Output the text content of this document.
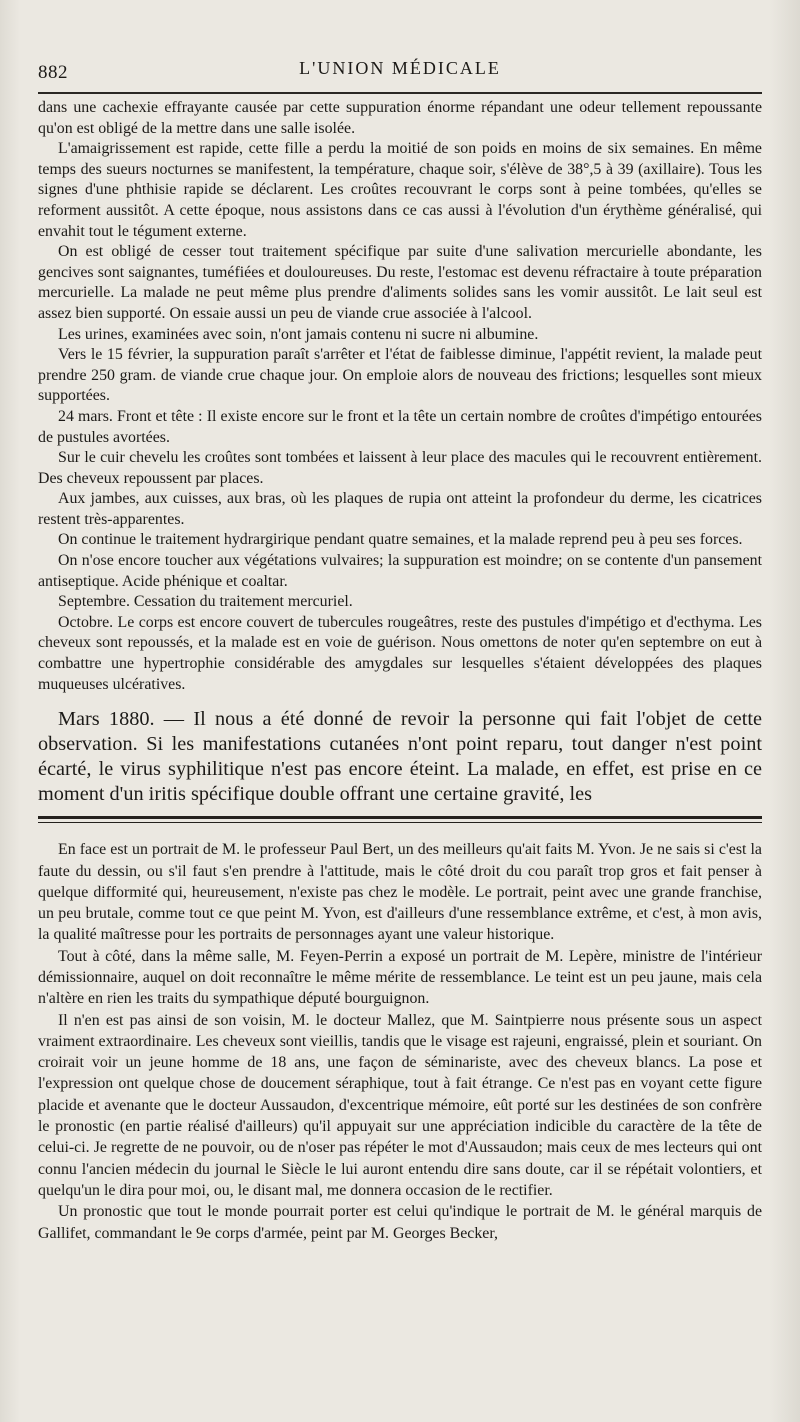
882	L'UNION MÉDICALE

dans une cachexie effrayante causée par cette suppuration énorme répandant une odeur tellement repoussante qu'on est obligé de la mettre dans une salle isolée.

L'amaigrissement est rapide, cette fille a perdu la moitié de son poids en moins de six semaines. En même temps des sueurs nocturnes se manifestent, la température, chaque soir, s'élève de 38°,5 à 39 (axillaire). Tous les signes d'une phthisie rapide se déclarent. Les croûtes recouvrant le corps sont à peine tombées, qu'elles se reforment aussitôt. A cette époque, nous assistons dans ce cas aussi à l'évolution d'un érythème généralisé, qui envahit tout le tégument externe.

On est obligé de cesser tout traitement spécifique par suite d'une salivation mercurielle abondante, les gencives sont saignantes, tuméfiées et douloureuses. Du reste, l'estomac est devenu réfractaire à toute préparation mercurielle. La malade ne peut même plus prendre d'aliments solides sans les vomir aussitôt. Le lait seul est assez bien supporté. On essaie aussi un peu de viande crue associée à l'alcool.

Les urines, examinées avec soin, n'ont jamais contenu ni sucre ni albumine.

Vers le 15 février, la suppuration paraît s'arrêter et l'état de faiblesse diminue, l'appétit revient, la malade peut prendre 250 gram. de viande crue chaque jour. On emploie alors de nouveau des frictions; lesquelles sont mieux supportées.

24 mars. Front et tête : Il existe encore sur le front et la tête un certain nombre de croûtes d'impétigo entourées de pustules avortées.

Sur le cuir chevelu les croûtes sont tombées et laissent à leur place des macules qui le recouvrent entièrement. Des cheveux repoussent par places.

Aux jambes, aux cuisses, aux bras, où les plaques de rupia ont atteint la profondeur du derme, les cicatrices restent très-apparentes.

On continue le traitement hydrargirique pendant quatre semaines, et la malade reprend peu à peu ses forces.

On n'ose encore toucher aux végétations vulvaires; la suppuration est moindre; on se contente d'un pansement antiseptique. Acide phénique et coaltar.

Septembre. Cessation du traitement mercuriel.

Octobre. Le corps est encore couvert de tubercules rougeâtres, reste des pustules d'impétigo et d'ecthyma. Les cheveux sont repoussés, et la malade est en voie de guérison. Nous omettons de noter qu'en septembre on eut à combattre une hypertrophie considérable des amygdales sur lesquelles s'étaient développées des plaques muqueuses ulcératives.

Mars 1880. — Il nous a été donné de revoir la personne qui fait l'objet de cette observation. Si les manifestations cutanées n'ont point reparu, tout danger n'est point écarté, le virus syphilitique n'est pas encore éteint. La malade, en effet, est prise en ce moment d'un iritis spécifique double offrant une certaine gravité, les

En face est un portrait de M. le professeur Paul Bert, un des meilleurs qu'ait faits M. Yvon. Je ne sais si c'est la faute du dessin, ou s'il faut s'en prendre à l'attitude, mais le côté droit du cou paraît trop gros et fait penser à quelque difformité qui, heureusement, n'existe pas chez le modèle. Le portrait, peint avec une grande franchise, un peu brutale, comme tout ce que peint M. Yvon, est d'ailleurs d'une ressemblance extrême, et c'est, à mon avis, la qualité maîtresse pour les portraits de personnages ayant une valeur historique.

Tout à côté, dans la même salle, M. Feyen-Perrin a exposé un portrait de M. Lepère, ministre de l'intérieur démissionnaire, auquel on doit reconnaître le même mérite de ressemblance. Le teint est un peu jaune, mais cela n'altère en rien les traits du sympathique député bourguignon.

Il n'en est pas ainsi de son voisin, M. le docteur Mallez, que M. Saintpierre nous présente sous un aspect vraiment extraordinaire. Les cheveux sont vieillis, tandis que le visage est rajeuni, engraissé, plein et souriant. On croirait voir un jeune homme de 18 ans, une façon de séminariste, avec des cheveux blancs. La pose et l'expression ont quelque chose de doucement séraphique, tout à fait étrange. Ce n'est pas en voyant cette figure placide et avenante que le docteur Aussaudon, d'excentrique mémoire, eût porté sur les destinées de son confrère le pronostic (en partie réalisé d'ailleurs) qu'il appuyait sur une appréciation indicible du caractère de la tête de celui-ci. Je regrette de ne pouvoir, ou de n'oser pas répéter le mot d'Aussaudon; mais ceux de mes lecteurs qui ont connu l'ancien médecin du journal le Siècle le lui auront entendu dire sans doute, car il se répétait volontiers, et quelqu'un le dira pour moi, ou, le disant mal, me donnera occasion de le rectifier.

Un pronostic que tout le monde pourrait porter est celui qu'indique le portrait de M. le général marquis de Gallifet, commandant le 9e corps d'armée, peint par M. Georges Becker,
